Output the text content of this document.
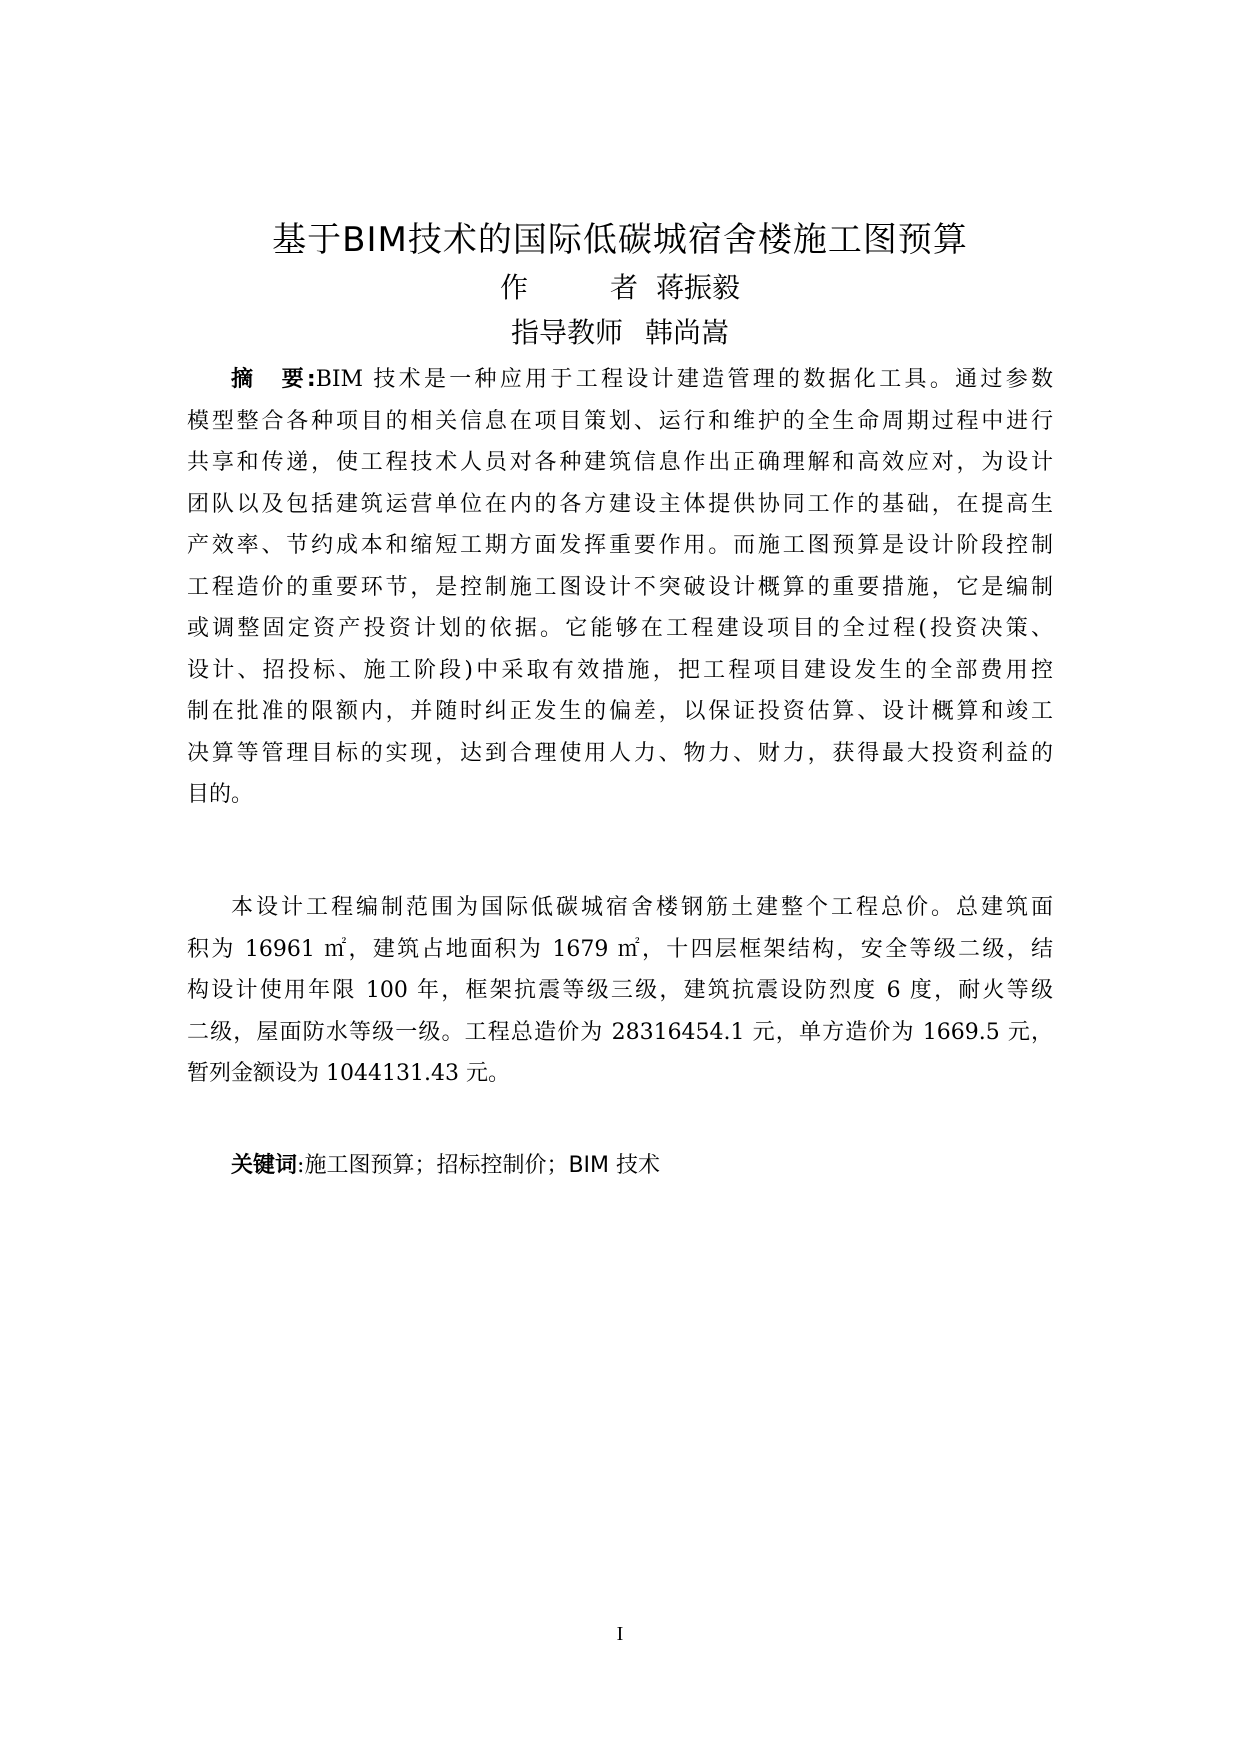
基于BIM技术的国际低碳城宿舍楼施工图预算
作者 蒋振毅
指导教师 韩尚嵩
摘　要:BIM 技术是一种应用于工程设计建造管理的数据化工具。通过参数
模型整合各种项目的相关信息在项目策划、运行和维护的全生命周期过程中进行
共享和传递，使工程技术人员对各种建筑信息作出正确理解和高效应对，为设计
团队以及包括建筑运营单位在内的各方建设主体提供协同工作的基础，在提高生
产效率、节约成本和缩短工期方面发挥重要作用。而施工图预算是设计阶段控制
工程造价的重要环节，是控制施工图设计不突破设计概算的重要措施，它是编制
或调整固定资产投资计划的依据。它能够在工程建设项目的全过程(投资决策、
设计、招投标、施工阶段)中采取有效措施，把工程项目建设发生的全部费用控
制在批准的限额内，并随时纠正发生的偏差，以保证投资估算、设计概算和竣工
决算等管理目标的实现，达到合理使用人力、物力、财力，获得最大投资利益的
目的。
本设计工程编制范围为国际低碳城宿舍楼钢筋土建整个工程总价。总建筑面
积为 16961 ㎡，建筑占地面积为 1679 ㎡，十四层框架结构，安全等级二级，结
构设计使用年限 100 年，框架抗震等级三级，建筑抗震设防烈度 6 度，耐火等级
二级，屋面防水等级一级。工程总造价为 28316454.1 元，单方造价为 1669.5 元，
暂列金额设为 1044131.43 元。
关键词:施工图预算；招标控制价；BIM 技术
I
